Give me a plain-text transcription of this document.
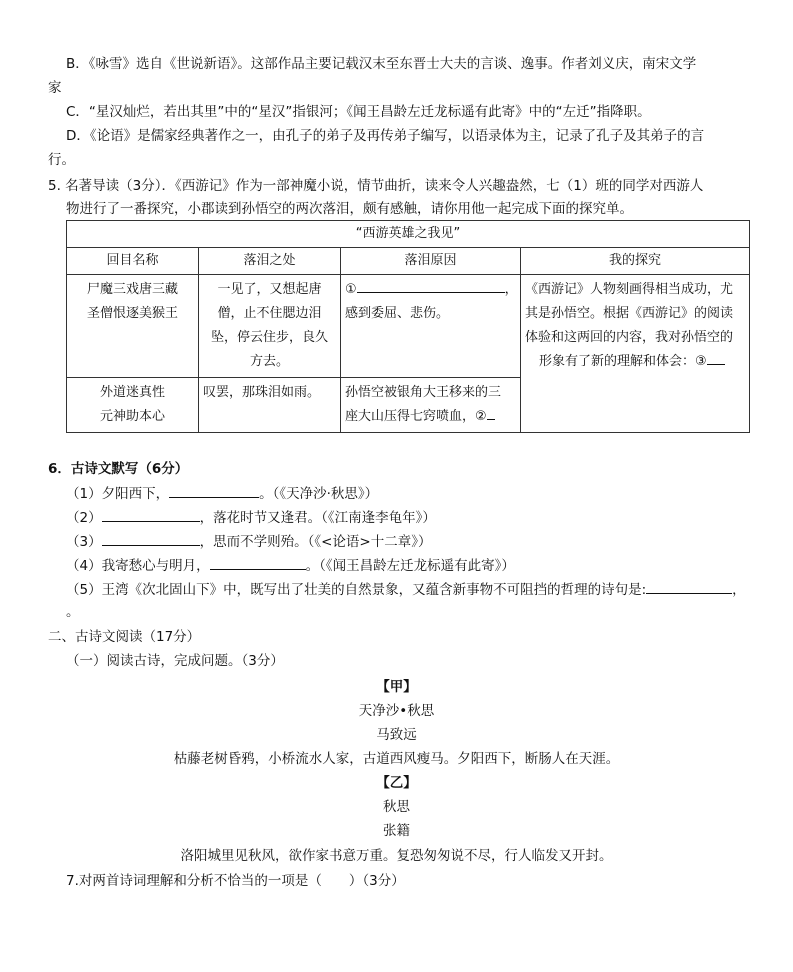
B．《咏雪》选自《世说新语》。这部作品主要记载汉末至东晋士大夫的言谈、逸事。作者刘义庆，南宋文学
家
C．“星汉灿烂，若出其里”中的“星汉”指银河；《闻王昌龄左迁龙标遥有此寄》中的“左迁”指降职。
D．《论语》是儒家经典著作之一，由孔子的弟子及再传弟子编写，以语录体为主，记录了孔子及其弟子的言
行。
5. 名著导读（3分）．《西游记》作为一部神魔小说，情节曲折，读来令人兴趣盎然，七（1）班的同学对西游人
物进行了一番探究，小郡读到孙悟空的两次落泪，颇有感触，请你用他一起完成下面的探究单。
“西游英雄之我见”			
回目名称	落泪之处	落泪原因	我的探究

尸魔三戏唐三藏
圣僧恨逐美猴王	一见了，又想起唐
僧，止不住腮边泪
坠，停云住步，良久
方去。	① ，
感到委屈、悲伤。	《西游记》人物刻画得相当成功，尤
其是孙悟空。根据《西游记》的阅读
体验和这两回的内容，我对孙悟空的
形象有了新的理解和体会：③

外道迷真性
元神助本心	叹罢，那珠泪如雨。	孙悟空被银角大王移来的三
座大山压得七窍喷血，②	
6．古诗文默写（6分）
（1）夕阳西下，	。（《天净沙·秋思》）
（2）	，落花时节又逢君。（《江南逢李龟年》）
（3）	，思而不学则殆。（《<论语>十二章》）
（4）我寄愁心与明月，	。（《闻王昌龄左迁龙标遥有此寄》）
（5）王湾《次北固山下》中，既写出了壮美的自然景象，又蕴含新事物不可阻挡的哲理的诗句是:	，
。
二、古诗文阅读（17分）
（一）阅读古诗，完成问题。（3分）
【甲】
天净沙•秋思
马致远
枯藤老树昏鸦，小桥流水人家，古道西风瘦马。夕阳西下，断肠人在天涯。
【乙】
秋思
张籍
洛阳城里见秋风，欲作家书意万重。复恐匆匆说不尽，行人临发又开封。
7.对两首诗词理解和分析不恰当的一项是（　　）（3分）
